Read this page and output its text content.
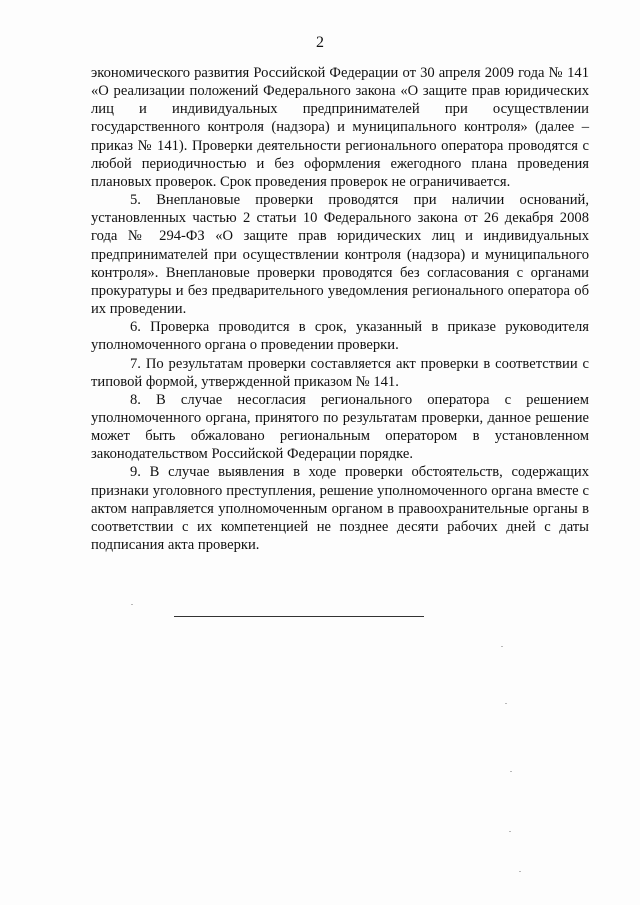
2

экономического развития Российской Федерации от 30 апреля 2009 года № 141 «О реализации положений Федерального закона «О защите прав юридических лиц и индивидуальных предпринимателей при осуществлении государственного контроля (надзора) и муниципального контроля» (далее – приказ № 141). Проверки деятельности регионального оператора проводятся с любой периодичностью и без оформления ежегодного плана проведения плановых проверок. Срок проведения проверок не ограничивается.

5. Внеплановые проверки проводятся при наличии оснований, установленных частью 2 статьи 10 Федерального закона от 26 декабря 2008 года № 294-ФЗ «О защите прав юридических лиц и индивидуальных предпринимателей при осуществлении контроля (надзора) и муниципального контроля». Внеплановые проверки проводятся без согласования с органами прокуратуры и без предварительного уведомления регионального оператора об их проведении.

6. Проверка проводится в срок, указанный в приказе руководителя уполномоченного органа о проведении проверки.

7. По результатам проверки составляется акт проверки в соответствии с типовой формой, утвержденной приказом № 141.

8. В случае несогласия регионального оператора с решением уполномоченного органа, принятого по результатам проверки, данное решение может быть обжаловано региональным оператором в установленном законодательством Российской Федерации порядке.

9. В случае выявления в ходе проверки обстоятельств, содержащих признаки уголовного преступления, решение уполномоченного органа вместе с актом направляется уполномоченным органом в правоохранительные органы в соответствии с их компетенцией не позднее десяти рабочих дней с даты подписания акта проверки.
